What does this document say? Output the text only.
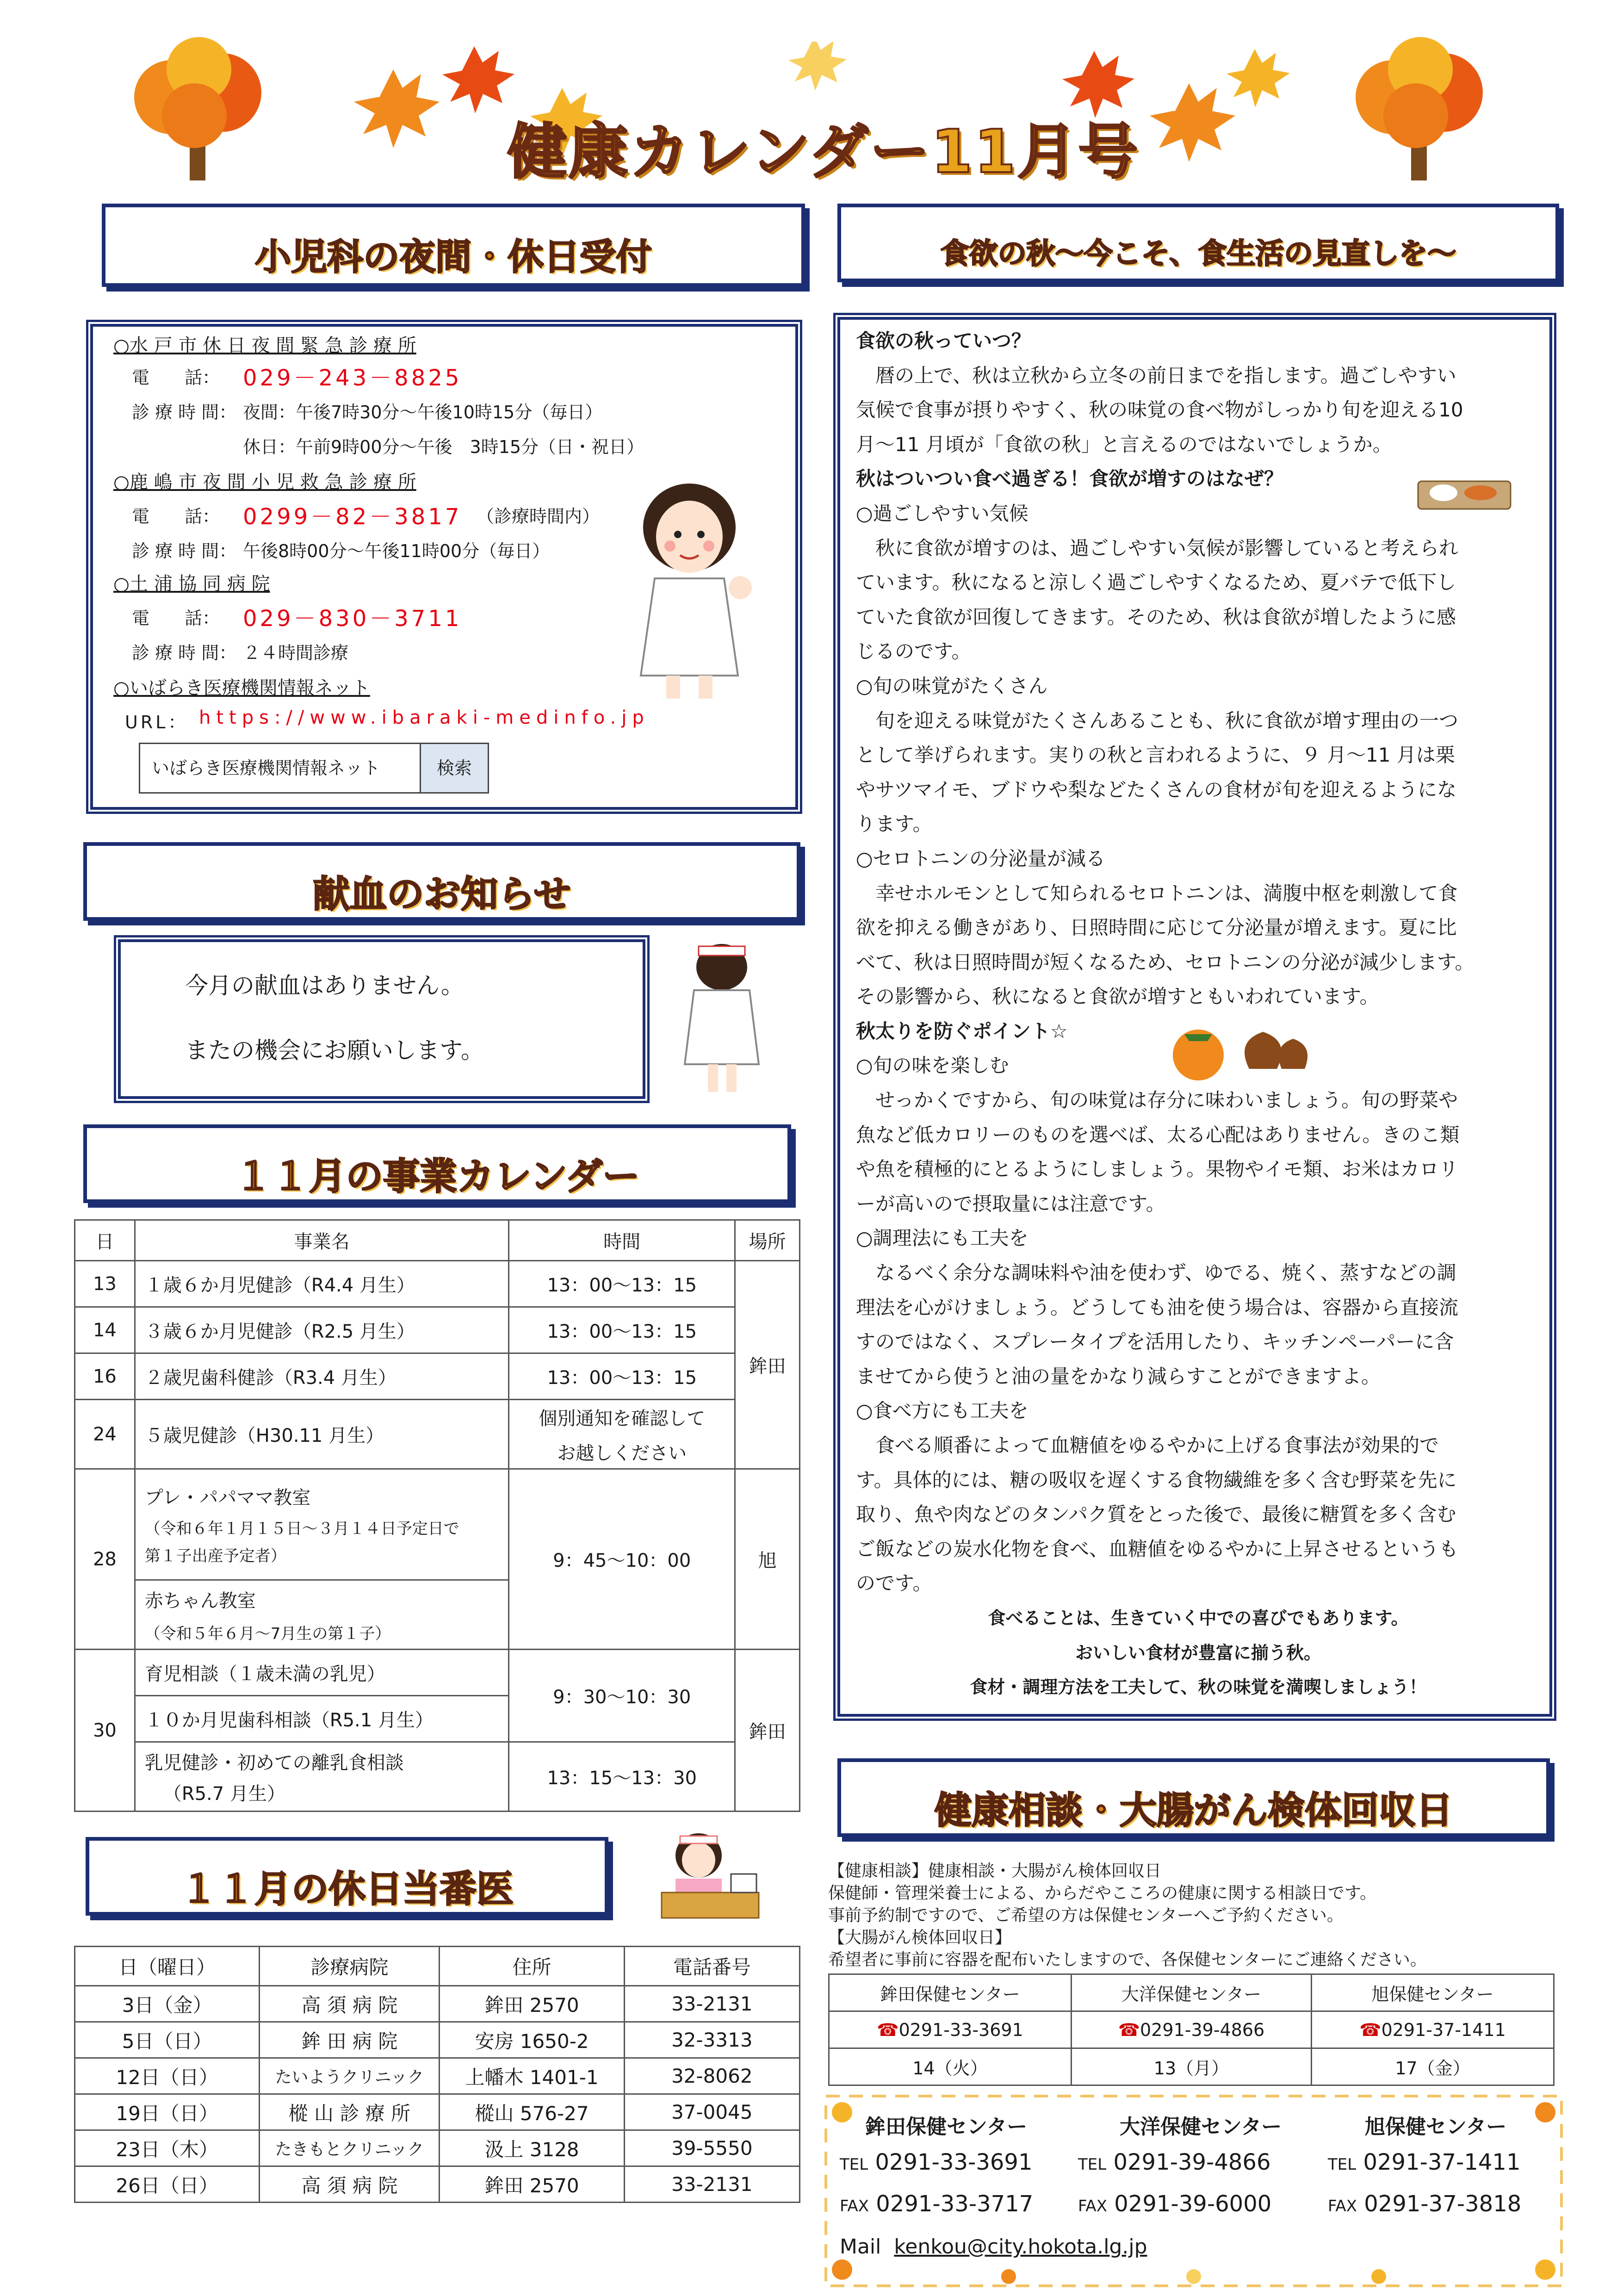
健康カレンダー11月号
小児科の夜間・休日受付
○水 戸 市 休 日 夜 間 緊 急 診 療 所
電　　話： 029－243－8825
診 療 時 間： 夜間：午後7時30分～午後10時15分（毎日）
休日：午前9時00分～午後　3時15分（日・祝日）
○鹿 嶋 市 夜 間 小 児 救 急 診 療 所
電　　話： 0299－82－3817 （診療時間内）
診 療 時 間： 午後8時00分～午後11時00分（毎日）
○土 浦 協 同 病 院
電　　話： 029－830－3711
診 療 時 間： ２４時間診療
○いばらき医療機関情報ネット
URL： https://www.ibaraki-medinfo.jp
いばらき医療機関情報ネット	検索
献血のお知らせ
今月の献血はありません。
またの機会にお願いします。
１１月の事業カレンダー
日	事業名	時間	場所
13	１歳６か月児健診（R4.4 月生）	13：00～13：15	鉾田
14	３歳６か月児健診（R2.5 月生）	13：00～13：15	
16	２歳児歯科健診（R3.4 月生）	13：00～13：15	
24	５歳児健診（H30.11 月生）	個別通知を確認して
お越しください	

28	プレ・パパママ教室
（令和６年１月１５日～３月１４日予定日で
第１子出産予定者）	9：45～10：00	旭

	赤ちゃん教室
（令和５年６月～7月生の第１子）		

30	育児相談（１歳未満の乳児）	9：30～10：30	鉾田
	１０か月児歯科相談（R5.1 月生）		

	乳児健診・初めての離乳食相談
（R5.7 月生）	13：15～13：30	
１１月の休日当番医
日（曜日）	診療病院	住所	電話番号
3日（金）	高 須 病 院	鉾田 2570	33-2131
5日（日）	鉾 田 病 院	安房 1650-2	32-3313
12日（日）	たいようクリニック	上幡木 1401-1	32-8062
19日（日）	樅 山 診 療 所	樅山 576-27	37-0045
23日（木）	たきもとクリニック	汲上 3128	39-5550
26日（日）	高 須 病 院	鉾田 2570	33-2131
食欲の秋～今こそ、食生活の見直しを～
食欲の秋っていつ？
　暦の上で、秋は立秋から立冬の前日までを指します。過ごしやすい
気候で食事が摂りやすく、秋の味覚の食べ物がしっかり旬を迎える10
月～11 月頃が「食欲の秋」と言えるのではないでしょうか。
秋はついつい食べ過ぎる！食欲が増すのはなぜ？
○過ごしやすい気候
　秋に食欲が増すのは、過ごしやすい気候が影響していると考えられ
ています。秋になると涼しく過ごしやすくなるため、夏バテで低下し
ていた食欲が回復してきます。そのため、秋は食欲が増したように感
じるのです。
○旬の味覚がたくさん
　旬を迎える味覚がたくさんあることも、秋に食欲が増す理由の一つ
として挙げられます。実りの秋と言われるように、９ 月～11 月は栗
やサツマイモ、ブドウや梨などたくさんの食材が旬を迎えるようにな
ります。
○セロトニンの分泌量が減る
　幸せホルモンとして知られるセロトニンは、満腹中枢を刺激して食
欲を抑える働きがあり、日照時間に応じて分泌量が増えます。夏に比
べて、秋は日照時間が短くなるため、セロトニンの分泌が減少します。
その影響から、秋になると食欲が増すともいわれています。
秋太りを防ぐポイント☆
○旬の味を楽しむ
　せっかくですから、旬の味覚は存分に味わいましょう。旬の野菜や
魚など低カロリーのものを選べば、太る心配はありません。きのこ類
や魚を積極的にとるようにしましょう。果物やイモ類、お米はカロリ
ーが高いので摂取量には注意です。
○調理法にも工夫を
　なるべく余分な調味料や油を使わず、ゆでる、焼く、蒸すなどの調
理法を心がけましょう。どうしても油を使う場合は、容器から直接流
すのではなく、スプレータイプを活用したり、キッチンペーパーに含
ませてから使うと油の量をかなり減らすことができますよ。
○食べ方にも工夫を
　食べる順番によって血糖値をゆるやかに上げる食事法が効果的で
す。具体的には、糖の吸収を遅くする食物繊維を多く含む野菜を先に
取り、魚や肉などのタンパク質をとった後で、最後に糖質を多く含む
ご飯などの炭水化物を食べ、血糖値をゆるやかに上昇させるというも
のです。
食べることは、生きていく中での喜びでもあります。
おいしい食材が豊富に揃う秋。
食材・調理方法を工夫して、秋の味覚を満喫しましょう！
健康相談・大腸がん検体回収日
【健康相談】健康相談・大腸がん検体回収日
保健師・管理栄養士による、からだやこころの健康に関する相談日です。
事前予約制ですので、ご希望の方は保健センターへご予約ください。
【大腸がん検体回収日】
希望者に事前に容器を配布いたしますので、各保健センターにご連絡ください。
鉾田保健センター	大洋保健センター	旭保健センター
☎0291-33-3691	☎0291-39-4866	☎0291-37-1411
14（火）	13（月）	17（金）
鉾田保健センター	大洋保健センター	旭保健センター
TEL 0291-33-3691	TEL 0291-39-4866	TEL 0291-37-1411
FAX 0291-33-3717	FAX 0291-39-6000	FAX 0291-37-3818
Mail kenkou@city.hokota.lg.jp
